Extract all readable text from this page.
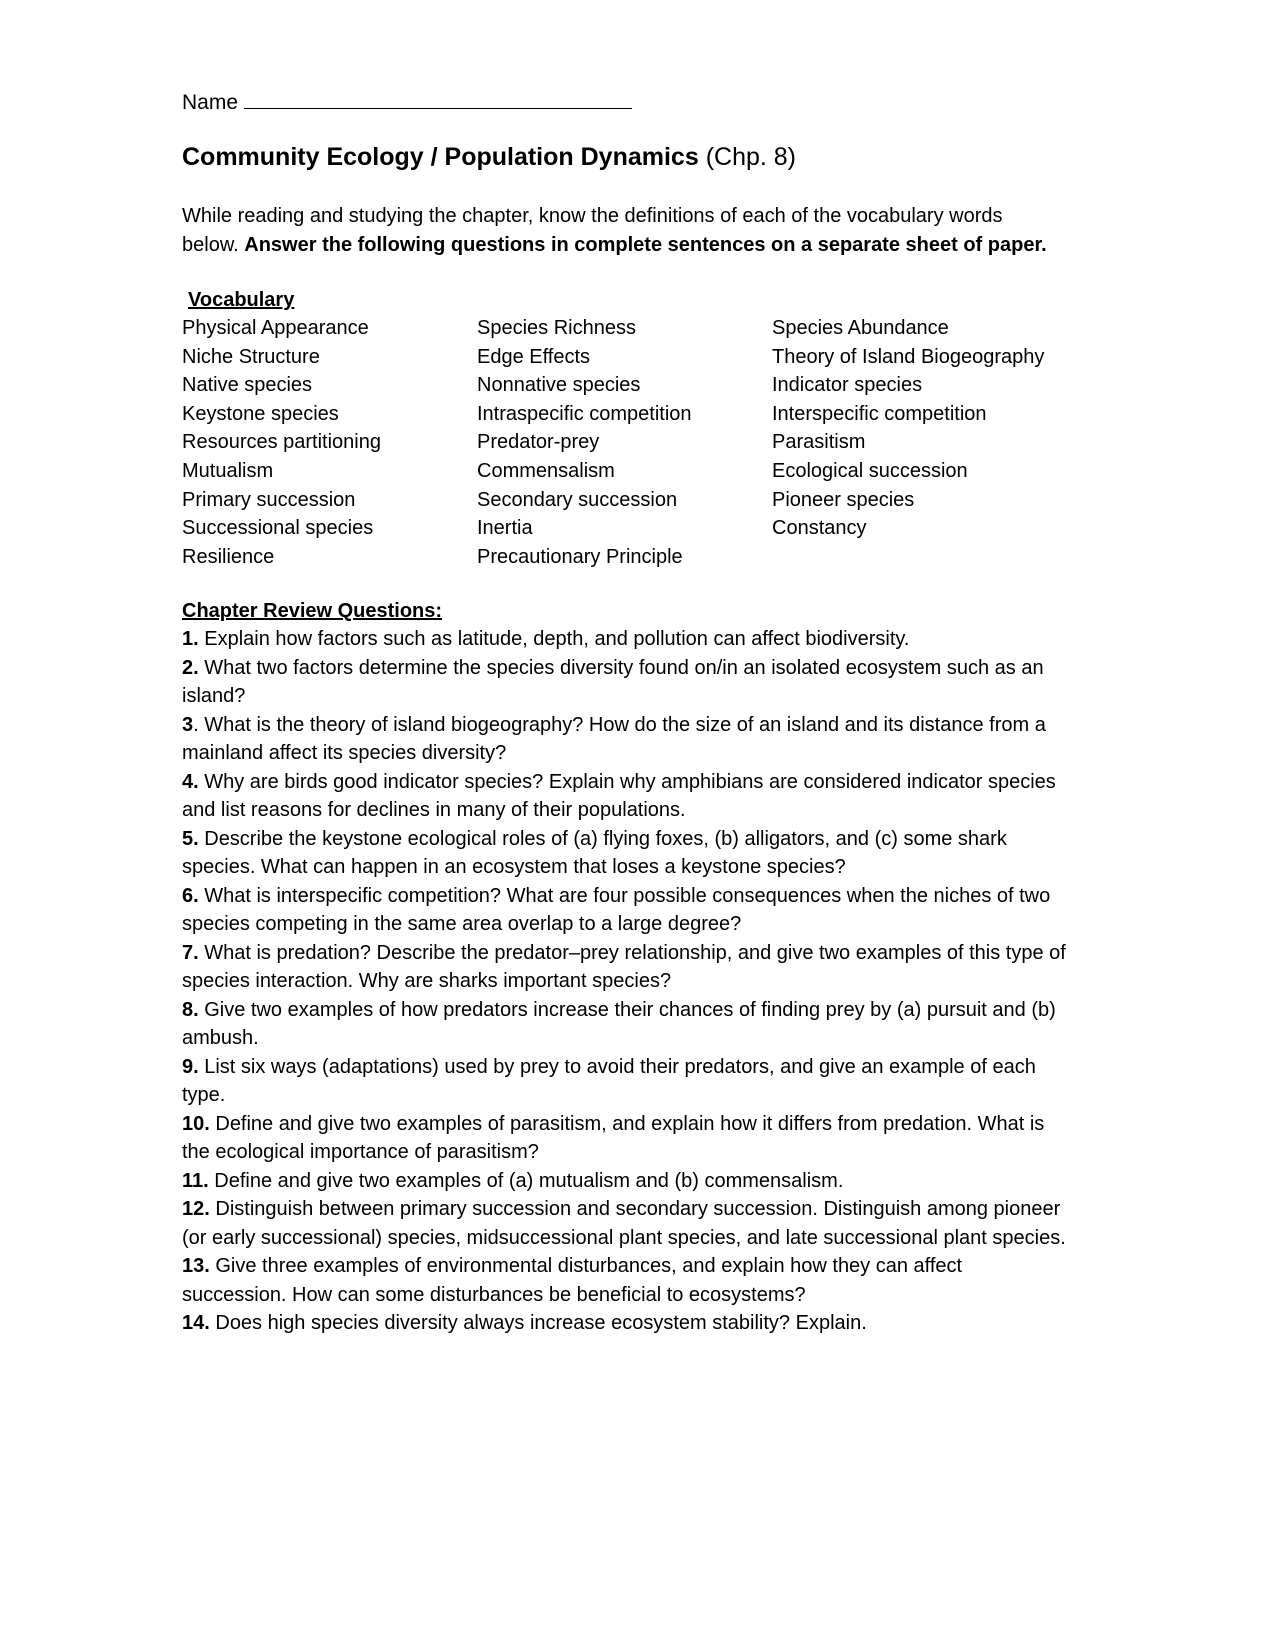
Name
Community Ecology / Population Dynamics (Chp. 8)
While reading and studying the chapter, know the definitions of each of the vocabulary words below. Answer the following questions in complete sentences on a separate sheet of paper.
Vocabulary
Physical Appearance	Species Richness	Species Abundance
Niche Structure	Edge Effects	Theory of Island Biogeography
Native species	Nonnative species	Indicator species
Keystone species	Intraspecific competition	Interspecific competition
Resources partitioning	Predator-prey	Parasitism
Mutualism	Commensalism	Ecological succession
Primary succession	Secondary succession	Pioneer species
Successional species	Inertia	Constancy
Resilience	Precautionary Principle
Chapter Review Questions:
1. Explain how factors such as latitude, depth, and pollution can affect biodiversity.
2. What two factors determine the species diversity found on/in an isolated ecosystem such as an island?
3. What is the theory of island biogeography? How do the size of an island and its distance from a mainland affect its species diversity?
4. Why are birds good indicator species? Explain why amphibians are considered indicator species and list reasons for declines in many of their populations.
5. Describe the keystone ecological roles of (a) flying foxes, (b) alligators, and (c) some shark species. What can happen in an ecosystem that loses a keystone species?
6. What is interspecific competition? What are four possible consequences when the niches of two species competing in the same area overlap to a large degree?
7. What is predation? Describe the predator–prey relationship, and give two examples of this type of species interaction. Why are sharks important species?
8. Give two examples of how predators increase their chances of finding prey by (a) pursuit and (b) ambush.
9. List six ways (adaptations) used by prey to avoid their predators, and give an example of each type.
10. Define and give two examples of parasitism, and explain how it differs from predation. What is the ecological importance of parasitism?
11. Define and give two examples of (a) mutualism and (b) commensalism.
12. Distinguish between primary succession and secondary succession. Distinguish among pioneer (or early successional) species, midsuccessional plant species, and late successional plant species.
13. Give three examples of environmental disturbances, and explain how they can affect succession. How can some disturbances be beneficial to ecosystems?
14. Does high species diversity always increase ecosystem stability? Explain.
